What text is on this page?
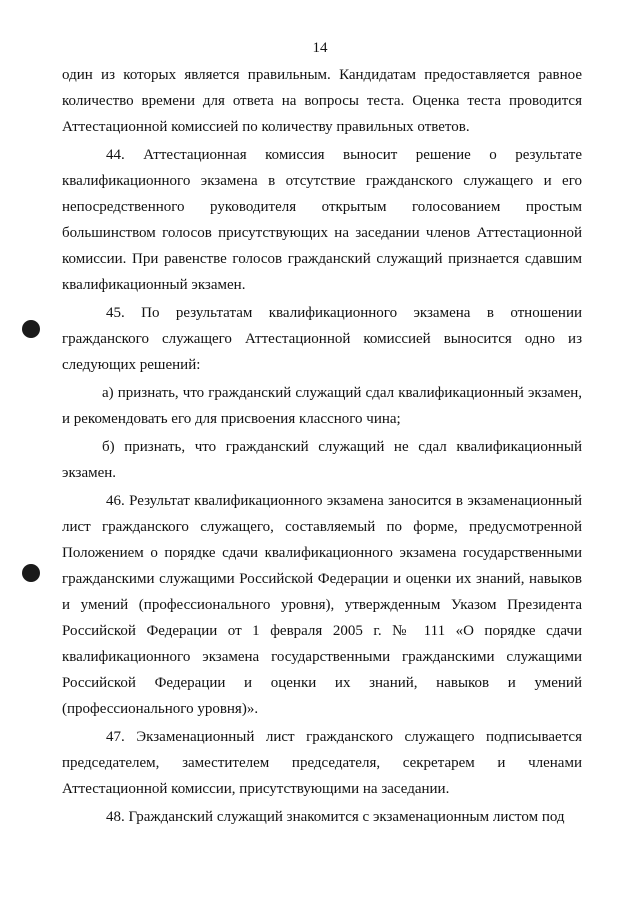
14

один из которых является правильным. Кандидатам предоставляется равное количество времени для ответа на вопросы теста. Оценка теста проводится Аттестационной комиссией по количеству правильных ответов.

44. Аттестационная комиссия выносит решение о результате квалификационного экзамена в отсутствие гражданского служащего и его непосредственного руководителя открытым голосованием простым большинством голосов присутствующих на заседании членов Аттестационной комиссии. При равенстве голосов гражданский служащий признается сдавшим квалификационный экзамен.

45. По результатам квалификационного экзамена в отношении гражданского служащего Аттестационной комиссией выносится одно из следующих решений:

а) признать, что гражданский служащий сдал квалификационный экзамен, и рекомендовать его для присвоения классного чина;

б) признать, что гражданский служащий не сдал квалификационный экзамен.

46. Результат квалификационного экзамена заносится в экзаменационный лист гражданского служащего, составляемый по форме, предусмотренной Положением о порядке сдачи квалификационного экзамена государственными гражданскими служащими Российской Федерации и оценки их знаний, навыков и умений (профессионального уровня), утвержденным Указом Президента Российской Федерации от 1 февраля 2005 г. № 111 «О порядке сдачи квалификационного экзамена государственными гражданскими служащими Российской Федерации и оценки их знаний, навыков и умений (профессионального уровня)».

47. Экзаменационный лист гражданского служащего подписывается председателем, заместителем председателя, секретарем и членами Аттестационной комиссии, присутствующими на заседании.

48. Гражданский служащий знакомится с экзаменационным листом под
